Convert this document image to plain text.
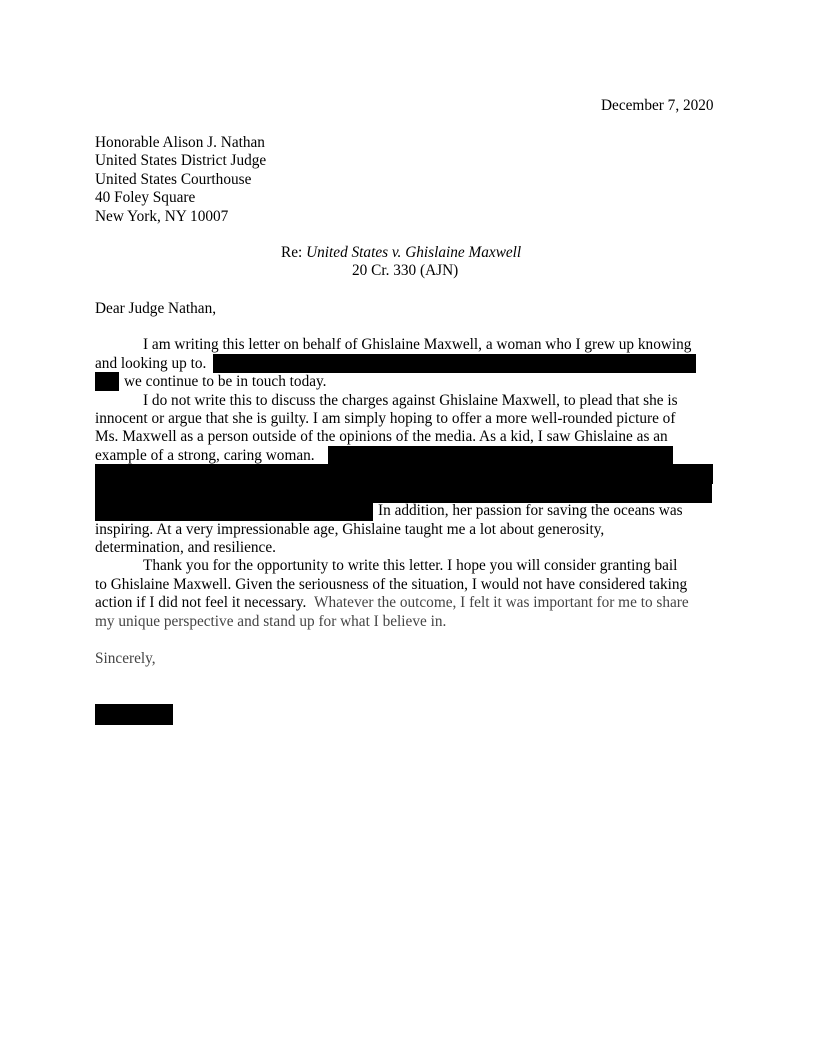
December 7, 2020
Honorable Alison J. Nathan
United States District Judge
United States Courthouse
40 Foley Square
New York, NY 10007
Re: United States v. Ghislaine Maxwell
20 Cr. 330 (AJN)
Dear Judge Nathan,
I am writing this letter on behalf of Ghislaine Maxwell, a woman who I grew up knowing
and looking up to.
we continue to be in touch today.
I do not write this to discuss the charges against Ghislaine Maxwell, to plead that she is
innocent or argue that she is guilty. I am simply hoping to offer a more well-rounded picture of
Ms. Maxwell as a person outside of the opinions of the media. As a kid, I saw Ghislaine as an
example of a strong, caring woman.
In addition, her passion for saving the oceans was
inspiring. At a very impressionable age, Ghislaine taught me a lot about generosity,
determination, and resilience.
Thank you for the opportunity to write this letter. I hope you will consider granting bail
to Ghislaine Maxwell. Given the seriousness of the situation, I would not have considered taking
action if I did not feel it necessary. Whatever the outcome, I felt it was important for me to share
my unique perspective and stand up for what I believe in.
Sincerely,
